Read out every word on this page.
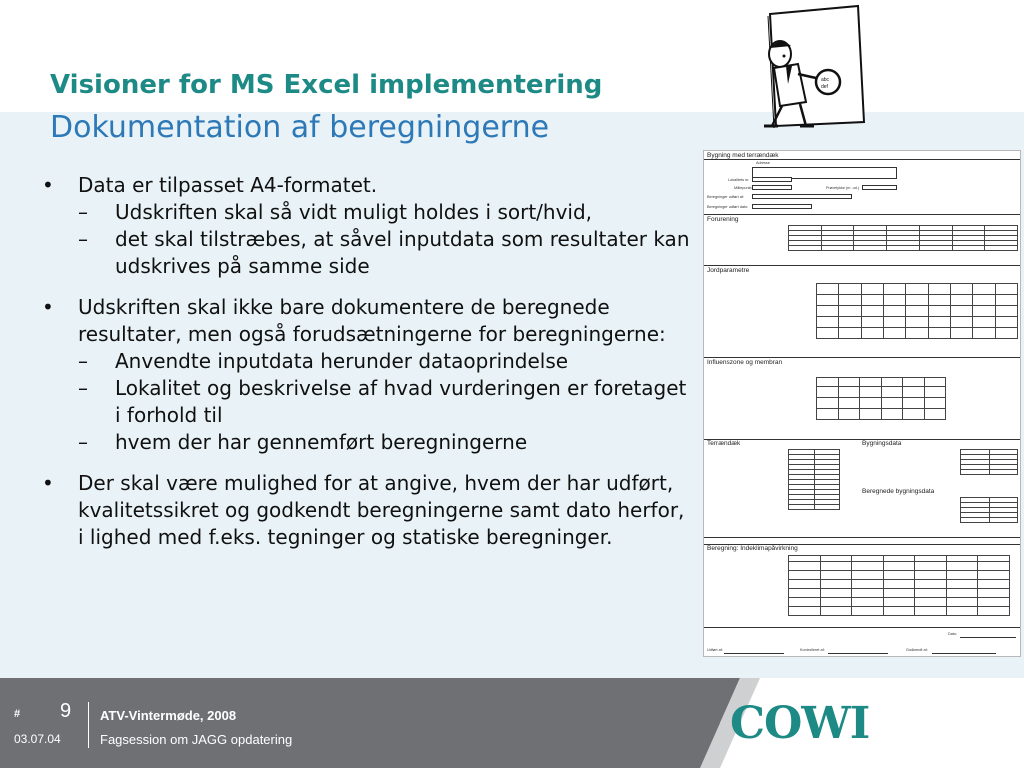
Visioner for MS Excel implementering
Dokumentation af beregningerne
abc
def
• Data er tilpasset A4-formatet.
– Udskriften skal så vidt muligt holdes i sort/hvid,
– det skal tilstræbes, at såvel inputdata som resultater kan udskrives på samme side
• Udskriften skal ikke bare dokumentere de beregnede resultater, men også forudsætningerne for beregningerne:
– Anvendte inputdata herunder dataoprindelse
– Lokalitet og beskrivelse af hvad vurderingen er foretaget i forhold til
– hvem der har gennemført beregningerne
• Der skal være mulighed for at angive, hvem der har udført, kvalitetssikret og godkendt beregningerne samt dato herfor,
i lighed med f.eks. tegninger og statiske beregninger.
Bygning med terrændæk
Adresse
Lokalitets nr.
Målepunkt	Prøvetykke (m. ud.)
Beregninger udført af:
Beregninger udført dato:
Forurening

Jordparametre

Influenszone og membran

Terrændæk	Bygningsdata

Beregnede bygningsdata

Beregning: Indeklimapåvirkning

Dato:
Udført af:	Kontrolleret af:	Godkendt af:
# 9
03.07.04
ATV-Vintermøde, 2008
Fagsession om JAGG opdatering	COWI
